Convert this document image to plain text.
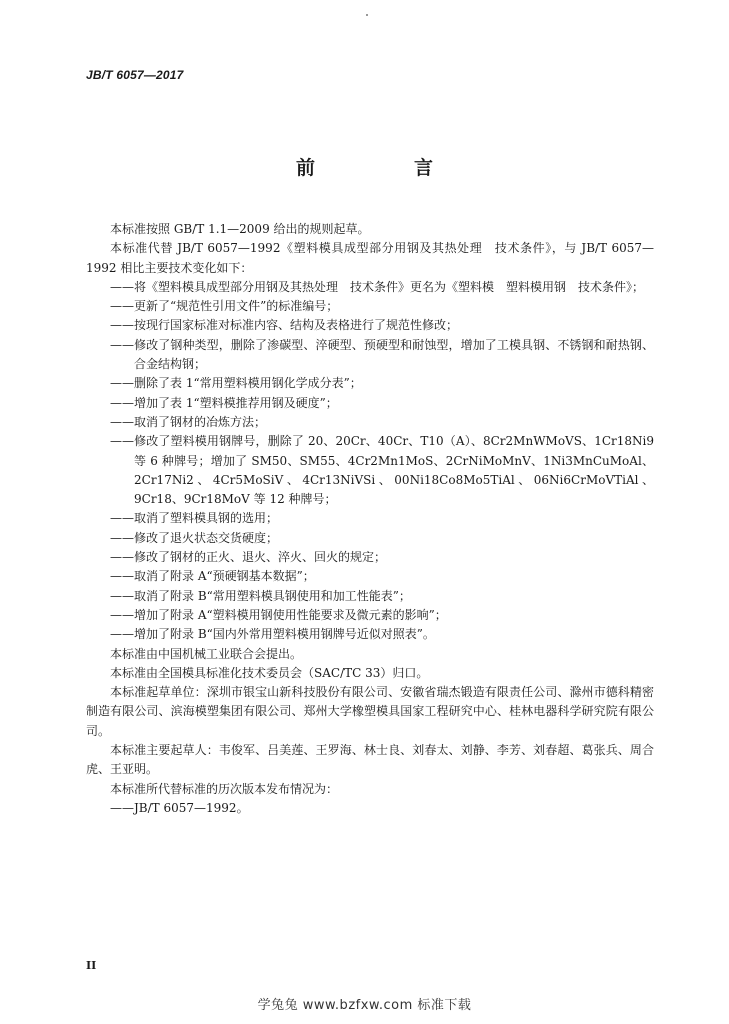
JB/T 6057—2017
前　言

本标准按照 GB/T 1.1—2009 给出的规则起草。

本标准代替 JB/T 6057—1992《塑料模具成型部分用钢及其热处理　技术条件》，与 JB/T 6057—1992 相比主要技术变化如下：

——将《塑料模具成型部分用钢及其热处理　技术条件》更名为《塑料模　塑料模用钢　技术条件》；

——更新了“规范性引用文件”的标准编号；

——按现行国家标准对标准内容、结构及表格进行了规范性修改；

——修改了钢种类型，删除了渗碳型、淬硬型、预硬型和耐蚀型，增加了工模具钢、不锈钢和耐热钢、合金结构钢；

——删除了表 1“常用塑料模用钢化学成分表”；

——增加了表 1“塑料模推荐用钢及硬度”；

——取消了钢材的冶炼方法；

——修改了塑料模用钢牌号，删除了 20、20Cr、40Cr、T10（A）、8Cr2MnWMoVS、1Cr18Ni9 等 6 种牌号；增加了 SM50、SM55、4Cr2Mn1MoS、2CrNiMoMnV、1Ni3MnCuMoAl、2Cr17Ni2、4Cr5MoSiV、4Cr13NiVSi、00Ni18Co8Mo5TiAl、06Ni6CrMoVTiAl、9Cr18、9Cr18MoV 等 12 种牌号；

——取消了塑料模具钢的选用；

——修改了退火状态交货硬度；

——修改了钢材的正火、退火、淬火、回火的规定；

——取消了附录 A“预硬钢基本数据”；

——取消了附录 B“常用塑料模具钢使用和加工性能表”；

——增加了附录 A“塑料模用钢使用性能要求及微元素的影响”；

——增加了附录 B“国内外常用塑料模用钢牌号近似对照表”。

本标准由中国机械工业联合会提出。

本标准由全国模具标准化技术委员会（SAC/TC 33）归口。

本标准起草单位：深圳市银宝山新科技股份有限公司、安徽省瑞杰锻造有限责任公司、滁州市德科精密制造有限公司、滨海模塑集团有限公司、郑州大学橡塑模具国家工程研究中心、桂林电器科学研究院有限公司。

本标准主要起草人：韦俊军、吕美莲、王罗海、林士良、刘春太、刘静、李芳、刘春超、葛张兵、周合虎、王亚明。

本标准所代替标准的历次版本发布情况为：

——JB/T 6057—1992。

II
学兔兔 www.bzfxw.com 标准下载
